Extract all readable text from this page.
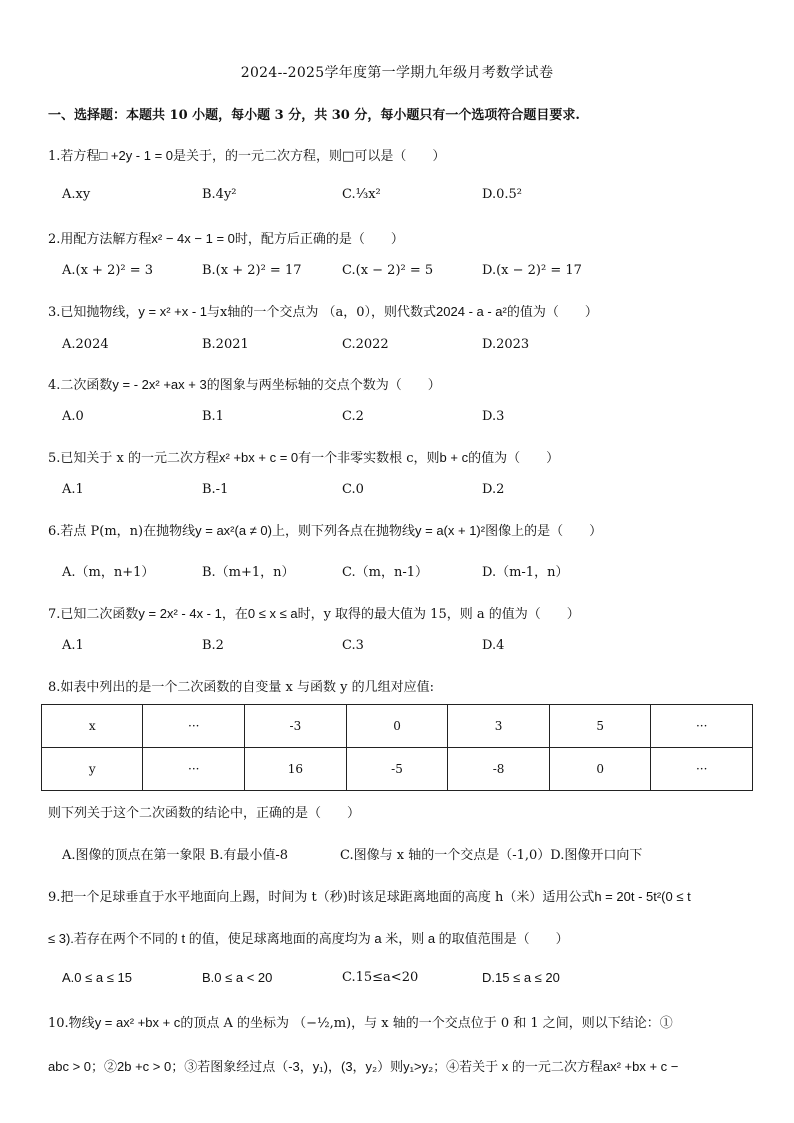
2024--2025学年度第一学期九年级月考数学试卷
一、选择题：本题共 10 小题，每小题 3 分，共 30 分，每小题只有一个选项符合题目要求.
1.若方程□ +2y - 1 = 0是关于，的一元二次方程，则□可以是（　　）
A.xy	B.4y²	C.⅓x²	D.0.5²
2.用配方法解方程x² − 4x − 1 = 0时，配方后正确的是（　　）
A.(x + 2)² = 3	B.(x + 2)² = 17	C.(x − 2)² = 5	D.(x − 2)² = 17
3.已知抛物线，y = x² +x - 1与x轴的一个交点为 （a，0），则代数式2024 - a - a²的值为（　　）
A.2024	B.2021	C.2022	D.2023
4.二次函数y = - 2x² +ax + 3的图象与两坐标轴的交点个数为（　　）
A.0	B.1	C.2	D.3
5.已知关于 x 的一元二次方程x² +bx + c = 0有一个非零实数根 c，则b + c的值为（　　）
A.1	B.-1	C.0	D.2
6.若点 P(m，n)在抛物线y = ax²(a ≠ 0)上，则下列各点在抛物线y = a(x + 1)²图像上的是（　　）
A.（m，n+1）	B.（m+1，n）	C.（m，n-1）	D.（m-1，n）
7.已知二次函数y = 2x² - 4x - 1，在0 ≤ x ≤ a时，y 取得的最大值为 15，则 a 的值为（　　）
A.1	B.2	C.3	D.4
8.如表中列出的是一个二次函数的自变量 x 与函数 y 的几组对应值:
x	···	-3	0	3	5	···
y	···	16	-5	-8	0	···
则下列关于这个二次函数的结论中，正确的是（　　）
A.图像的顶点在第一象限 B.有最小值-8　　　　C.图像与 x 轴的一个交点是（-1,0）D.图像开口向下
9.把一个足球垂直于水平地面向上踢，时间为 t（秒)时该足球距离地面的高度 h（米）适用公式h = 20t - 5t²(0 ≤ t
≤ 3).若存在两个不同的 t 的值，使足球离地面的高度均为 a 米，则 a 的取值范围是（　　）
A.0 ≤ a ≤ 15	B.0 ≤ a < 20	C.15≤a<20	D.15 ≤ a ≤ 20
10.物线y = ax² +bx + c的顶点 A 的坐标为 （−½,m)，与 x 轴的一个交点位于 0 和 1 之间，则以下结论：①
abc > 0；②2b +c > 0；③若图象经过点（-3，y₁)，(3，y₂）则y₁>y₂；④若关于 x 的一元二次方程ax² +bx + c −
